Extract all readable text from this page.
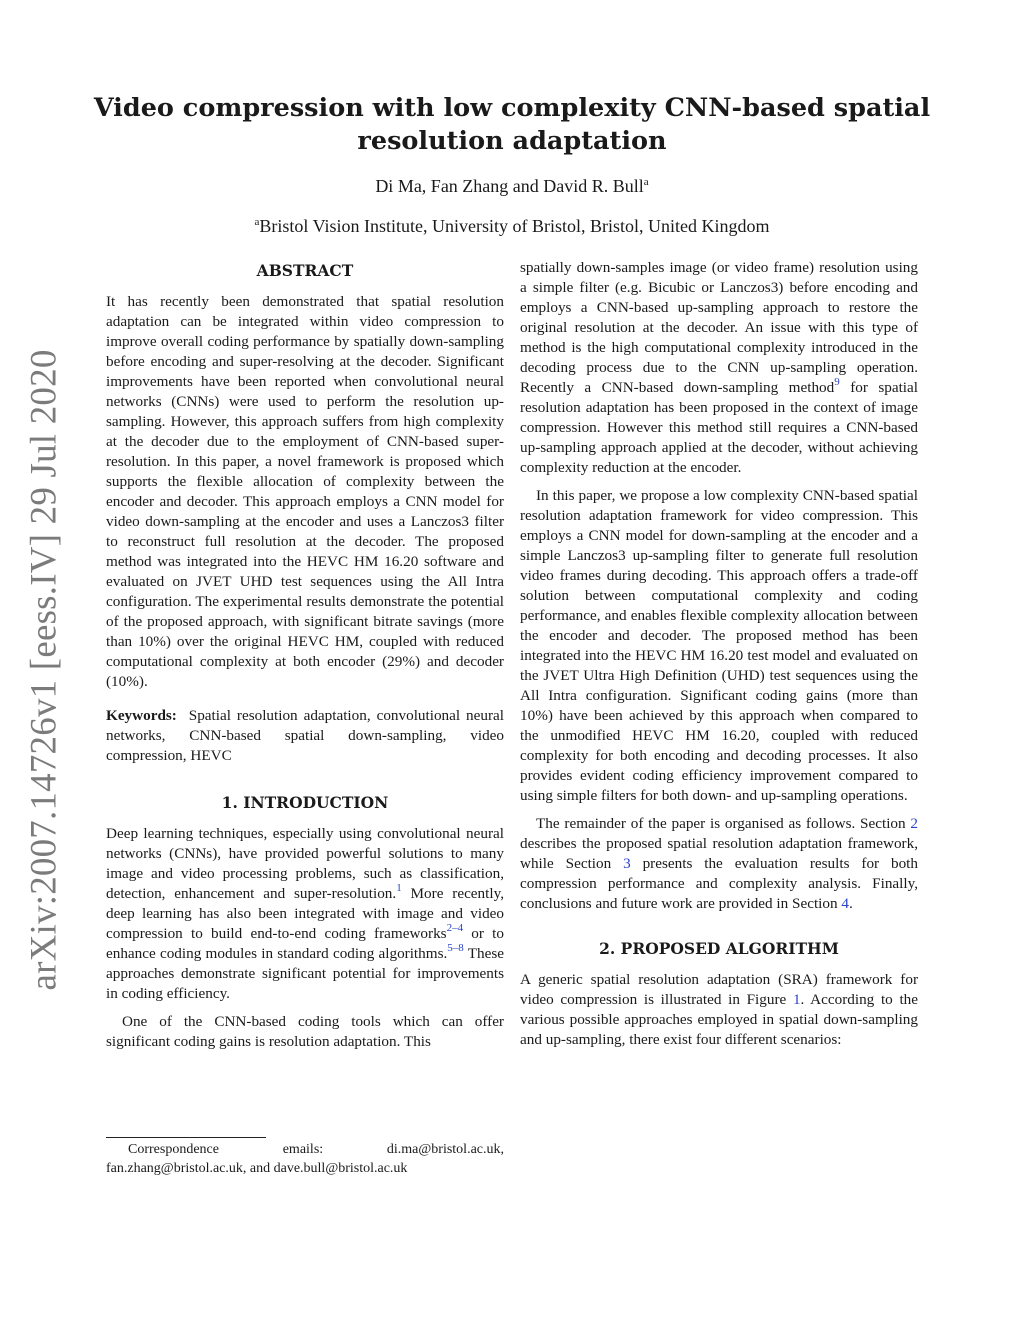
arXiv:2007.14726v1 [eess.IV] 29 Jul 2020
Video compression with low complexity CNN-based spatial resolution adaptation
Di Ma, Fan Zhang and David R. Bull$^a$
$^a$Bristol Vision Institute, University of Bristol, Bristol, United Kingdom
ABSTRACT
It has recently been demonstrated that spatial resolution adaptation can be integrated within video compression to improve overall coding performance by spatially down-sampling before encoding and super-resolving at the decoder. Significant improvements have been reported when convolutional neural networks (CNNs) were used to perform the resolution up-sampling. However, this approach suffers from high complexity at the decoder due to the employment of CNN-based super-resolution. In this paper, a novel framework is proposed which supports the flexible allocation of complexity between the encoder and decoder. This approach employs a CNN model for video down-sampling at the encoder and uses a Lanczos3 filter to reconstruct full resolution at the decoder. The proposed method was integrated into the HEVC HM 16.20 software and evaluated on JVET UHD test sequences using the All Intra configuration. The experimental results demonstrate the potential of the proposed approach, with significant bitrate savings (more than 10%) over the original HEVC HM, coupled with reduced computational complexity at both encoder (29%) and decoder (10%).
Keywords: Spatial resolution adaptation, convolutional neural networks, CNN-based spatial down-sampling, video compression, HEVC
1. INTRODUCTION
Deep learning techniques, especially using convolutional neural networks (CNNs), have provided powerful solutions to many image and video processing problems, such as classification, detection, enhancement and super-resolution.$^1$ More recently, deep learning has also been integrated with image and video compression to build end-to-end coding frameworks$^{2-4}$ or to enhance coding modules in standard coding algorithms.$^{5-8}$ These approaches demonstrate significant potential for improvements in coding efficiency.
One of the CNN-based coding tools which can offer significant coding gains is resolution adaptation. This
spatially down-samples image (or video frame) resolution using a simple filter (e.g. Bicubic or Lanczos3) before encoding and employs a CNN-based up-sampling approach to restore the original resolution at the decoder. An issue with this type of method is the high computational complexity introduced in the decoding process due to the CNN up-sampling operation. Recently a CNN-based down-sampling method$^9$ for spatial resolution adaptation has been proposed in the context of image compression. However this method still requires a CNN-based up-sampling approach applied at the decoder, without achieving complexity reduction at the encoder.
In this paper, we propose a low complexity CNN-based spatial resolution adaptation framework for video compression. This employs a CNN model for down-sampling at the encoder and a simple Lanczos3 up-sampling filter to generate full resolution video frames during decoding. This approach offers a trade-off solution between computational complexity and coding performance, and enables flexible complexity allocation between the encoder and decoder. The proposed method has been integrated into the HEVC HM 16.20 test model and evaluated on the JVET Ultra High Definition (UHD) test sequences using the All Intra configuration. Significant coding gains (more than 10%) have been achieved by this approach when compared to the unmodified HEVC HM 16.20, coupled with reduced complexity for both encoding and decoding processes. It also provides evident coding efficiency improvement compared to using simple filters for both down- and up-sampling operations.
The remainder of the paper is organised as follows. Section 2 describes the proposed spatial resolution adaptation framework, while Section 3 presents the evaluation results for both compression performance and complexity analysis. Finally, conclusions and future work are provided in Section 4.
2. PROPOSED ALGORITHM
A generic spatial resolution adaptation (SRA) framework for video compression is illustrated in Figure 1. According to the various possible approaches employed in spatial down-sampling and up-sampling, there exist four different scenarios:
Correspondence	emails:	di.ma@bristol.ac.uk,
fan.zhang@bristol.ac.uk, and dave.bull@bristol.ac.uk
